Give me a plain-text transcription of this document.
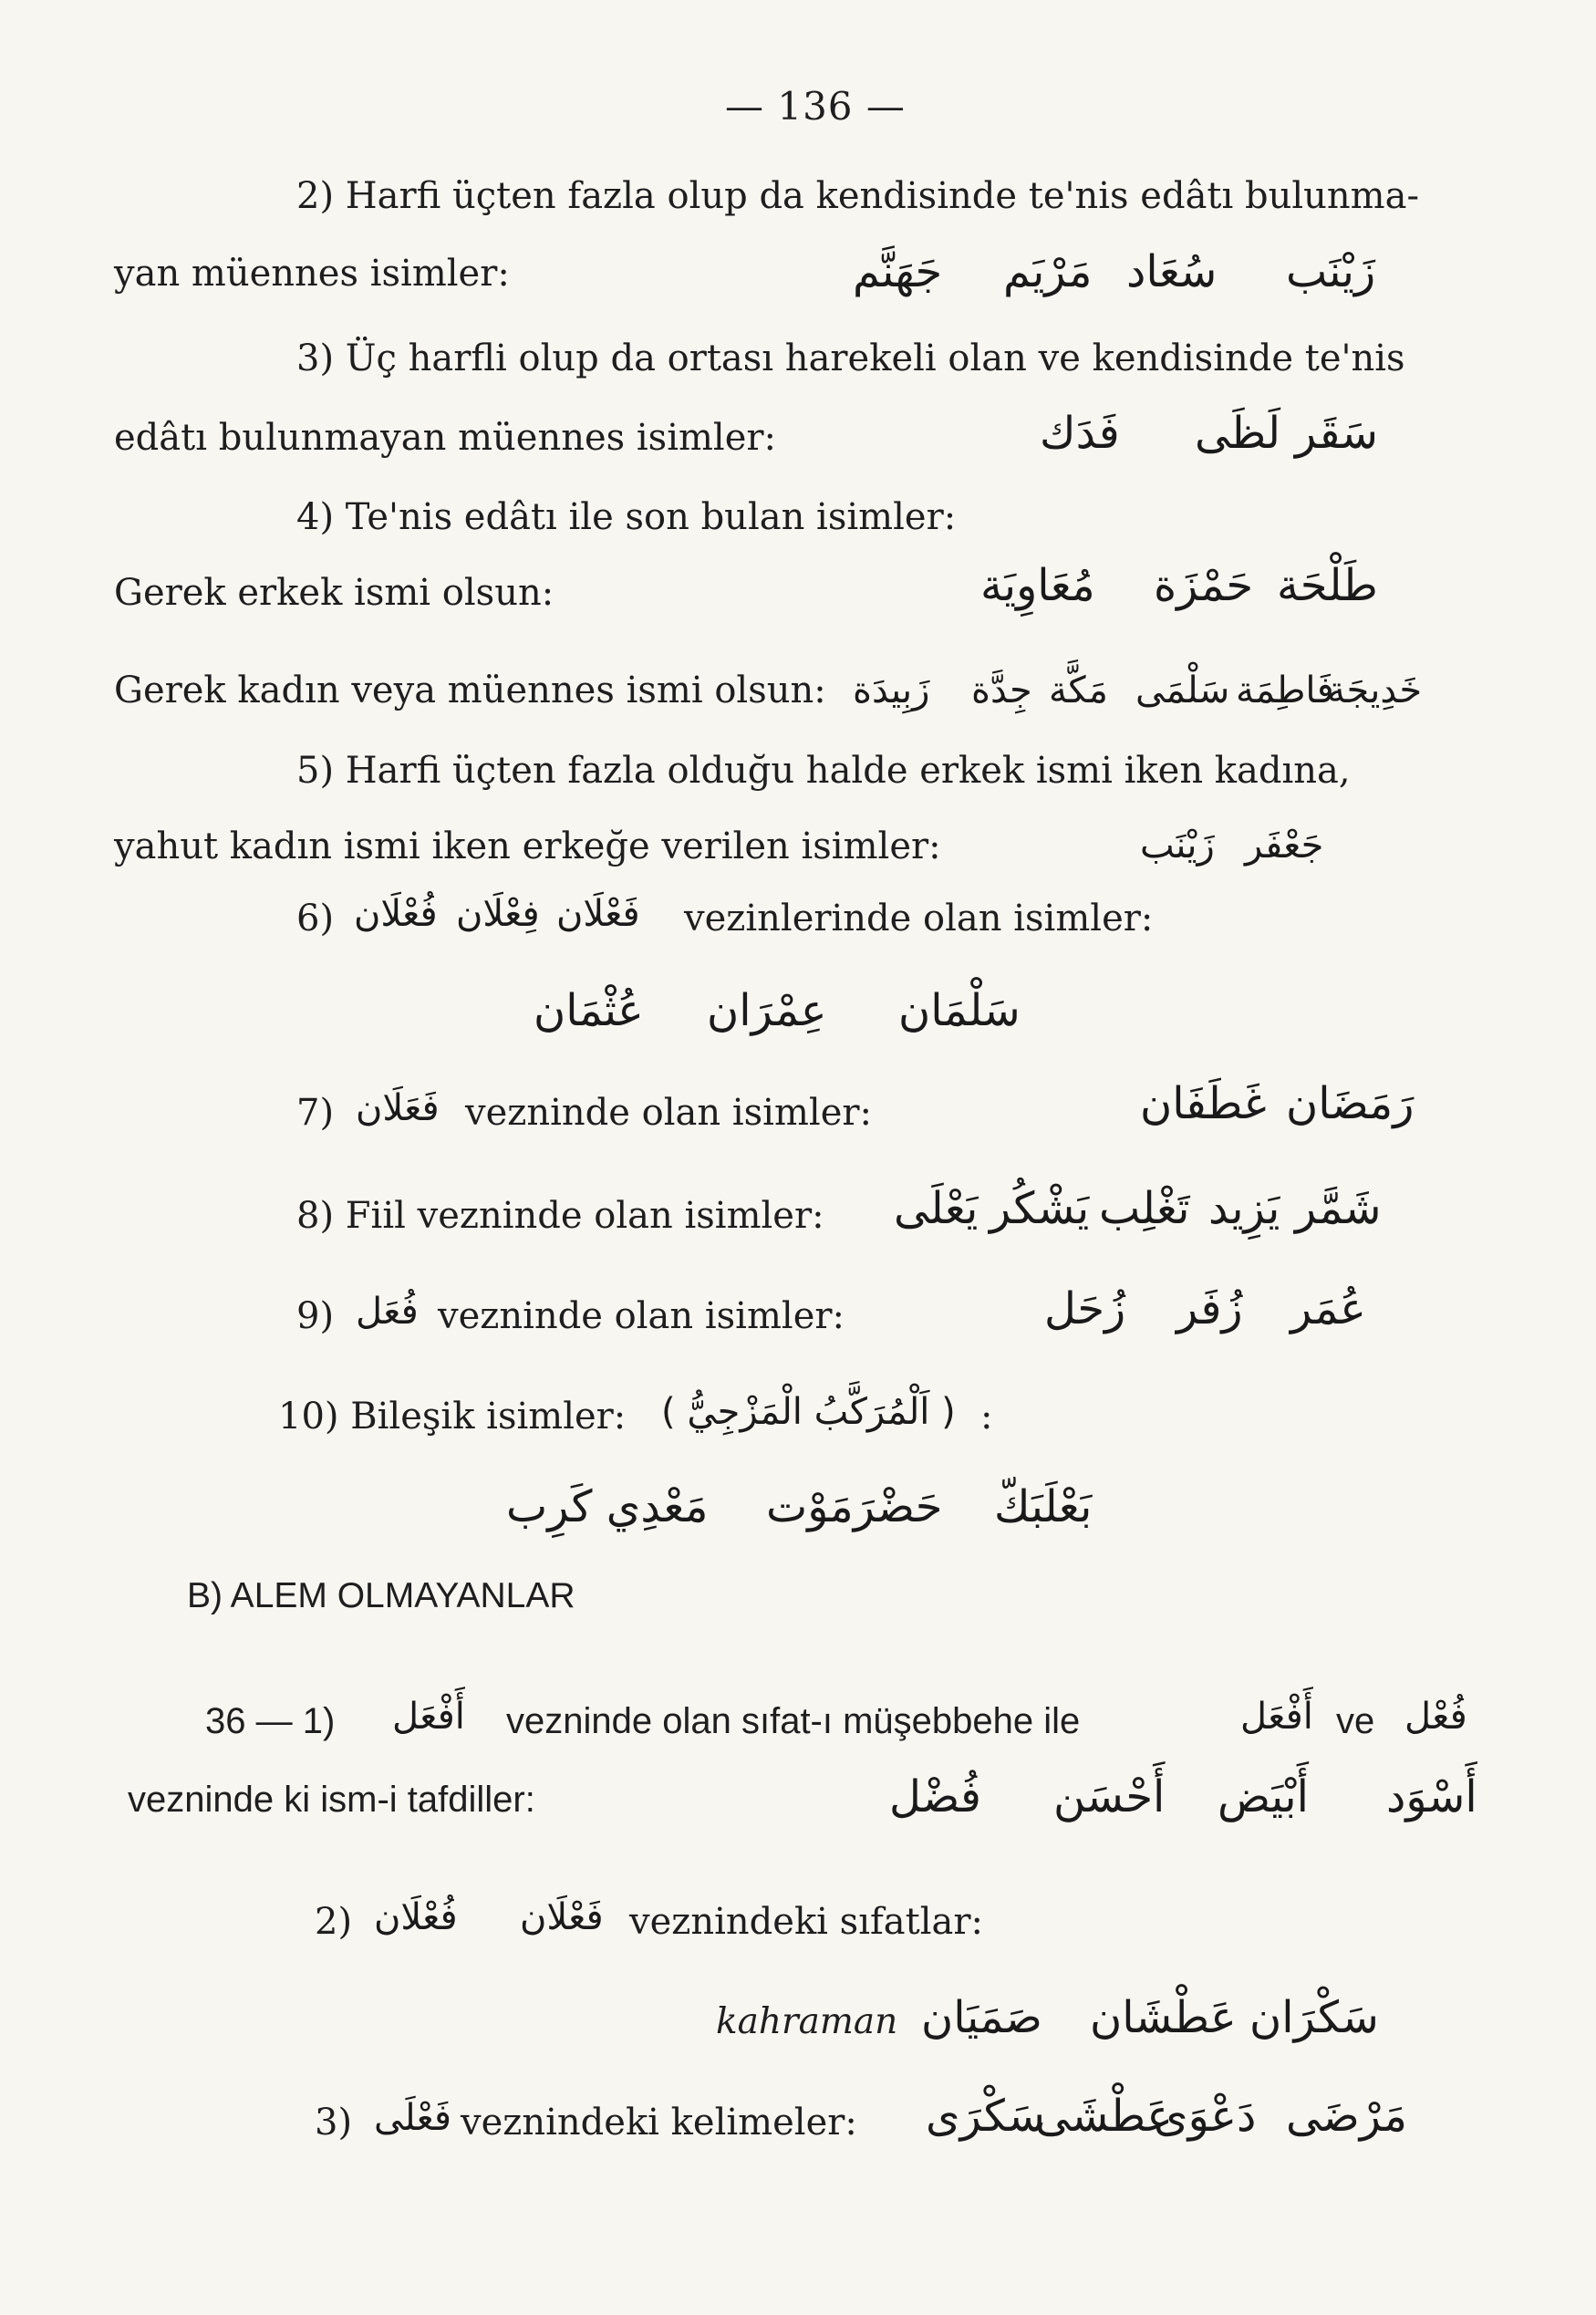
— 136 —
2) Harfi üçten fazla olup da kendisinde te'nis edâtı bulunma-
yan müennes isimler:	زَيْنَب
سُعَاد
مَرْيَم
جَهَنَّم
3) Üç harfli olup da ortası harekeli olan ve kendisinde te'nis
edâtı bulunmayan müennes isimler:	سَقَر
لَظَى
فَدَك
4) Te'nis edâtı ile son bulan isimler:
Gerek erkek ismi olsun:	طَلْحَة
حَمْزَة
مُعَاوِيَة
Gerek kadın veya müennes ismi olsun:	خَدِيجَة
فَاطِمَة
سَلْمَى
مَكَّة
جِدَّة
زَبِيدَة
5) Harfi üçten fazla olduğu halde erkek ismi iken kadına,
yahut kadın ismi iken erkeğe verilen isimler:	جَعْفَر
زَيْنَب
6) فُعْلَان فِعْلَان فَعْلَان vezinlerinde olan isimler:
سَلْمَان
عِمْرَان
عُثْمَان
7) فَعَلَان vezninde olan isimler:	رَمَضَان
غَطَفَان
8) Fiil vezninde olan isimler:	شَمَّر
يَزِيد
تَغْلِب
يَشْكُر
يَعْلَى
9) فُعَل vezninde olan isimler:	عُمَر
زُفَر
زُحَل
10) Bileşik isimler: ( اَلْمُرَكَّبُ الْمَزْجِيُّ ) :
بَعْلَبَكّ
حَضْرَمَوْت
مَعْدِي كَرِب
B) ALEM OLMAYANLAR
36 — 1) أَفْعَل vezninde olan sıfat-ı müşebbehe ile	أَفْعَل ve فُعْل
vezninde ki ism-i tafdiller:	أَسْوَد
أَبْيَض
أَحْسَن
فُضْل
2) فُعْلَان فَعْلَان veznindeki sıfatlar:
kahraman	سَكْرَان
عَطْشَان
صَمَيَان
3) فَعْلَى veznindeki kelimeler:	مَرْضَى
دَعْوَى
عَطْشَى
سَكْرَى
